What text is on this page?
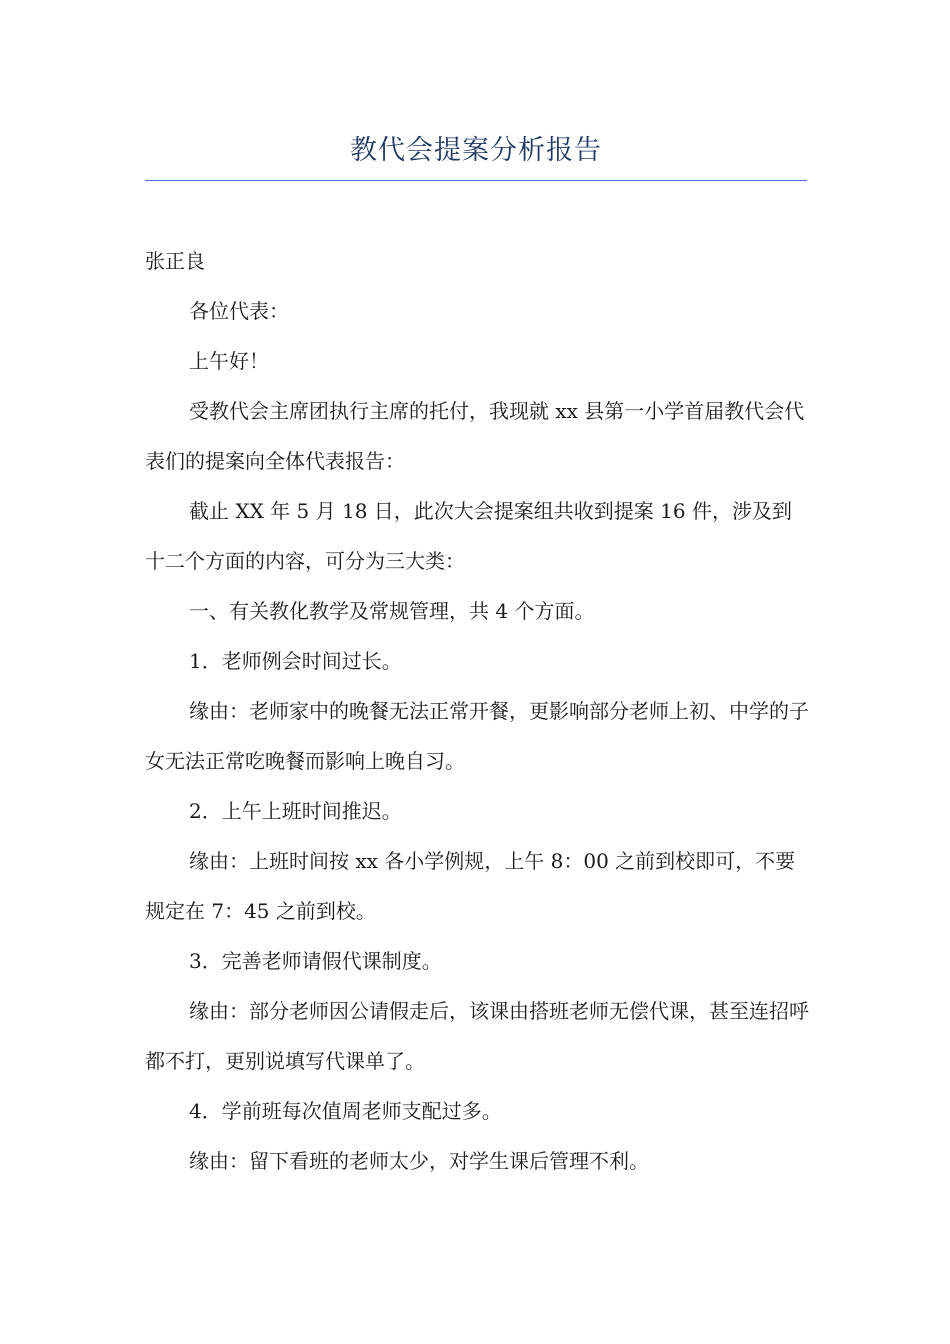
教代会提案分析报告

张正良

各位代表：

上午好！

受教代会主席团执行主席的托付，我现就 xx 县第一小学首届教代会代表们的提案向全体代表报告：

截止 XX 年 5 月 18 日，此次大会提案组共收到提案 16 件，涉及到十二个方面的内容，可分为三大类：

一、有关教化教学及常规管理，共 4 个方面。

1．老师例会时间过长。

缘由：老师家中的晚餐无法正常开餐，更影响部分老师上初、中学的子女无法正常吃晚餐而影响上晚自习。

2．上午上班时间推迟。

缘由：上班时间按 xx 各小学例规，上午 8：00 之前到校即可，不要规定在 7：45 之前到校。

3．完善老师请假代课制度。

缘由：部分老师因公请假走后，该课由搭班老师无偿代课，甚至连招呼都不打，更别说填写代课单了。

4．学前班每次值周老师支配过多。

缘由：留下看班的老师太少，对学生课后管理不利。
